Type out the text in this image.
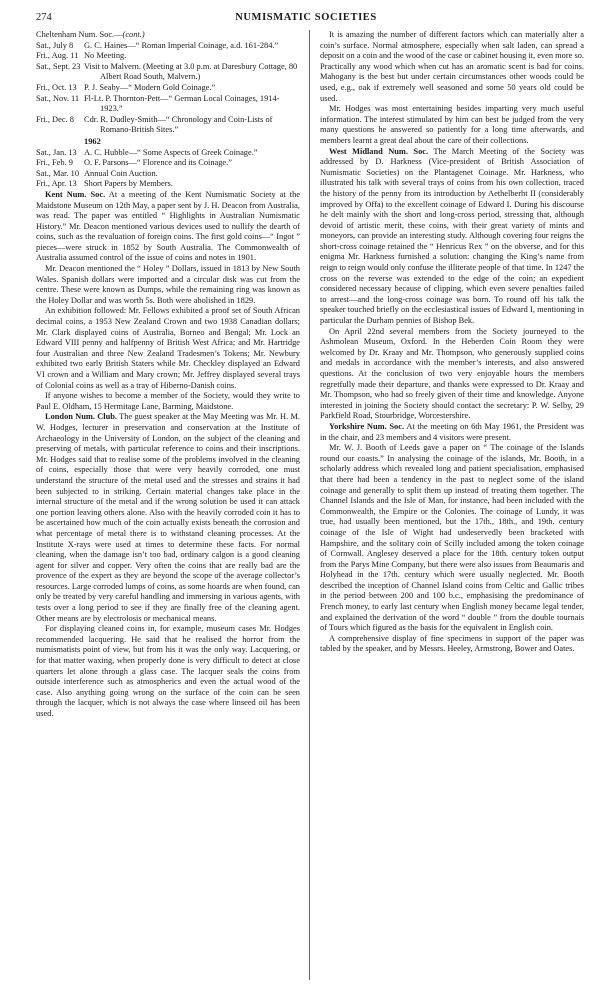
274	NUMISMATIC SOCIETIES
Cheltenham Num. Soc.—(cont.)
Sat., July 8	G. C. Haines—“ Roman Imperial Coinage, a.d. 161-284.”
Fri., Aug. 11 No Meeting.
Sat., Sept. 23 Visit to Malvern. (Meeting at 3.0 p.m. at Daresbury Cottage, 80 Albert Road South, Malvern.)
Fri., Oct. 13 P. J. Seaby—“ Modern Gold Coinage.”
Sat., Nov. 11 Fl-Lt. P. Thornton-Pett—“ German Local Coinages, 1914-1923.”
Fri., Dec. 8	Cdr. R. Dudley-Smith—“ Chronology and Coin-Lists of Romano-British Sites.”
1962
Sat., Jan. 13 A. C. Hubble—“ Some Aspects of Greek Coinage.”
Fri., Feb. 9	O. F. Parsons—“ Florence and its Coinage.”
Sat., Mar. 10 Annual Coin Auction.
Fri., Apr. 13 Short Papers by Members.

Kent Num. Soc. At a meeting of the Kent Numismatic Society at the Maidstone Museum on 12th May, a paper sent by J. H. Deacon from Australia, was read. The paper was entitled “ Highlights in Australian Numismatic History.” Mr. Deacon mentioned various devices used to nullify the dearth of coins, such as the revaluation of foreign coins. The first gold coins—“ Ingot ” pieces—were struck in 1852 by South Australia. The Commonwealth of Australia assumed control of the issue of coins and notes in 1901.

Mr. Deacon mentioned the “ Holey ” Dollars, issued in 1813 by New South Wales. Spanish dollars were imported and a circular disk was cut from the centre. These were known as Dumps, while the remaining ring was known as the Holey Dollar and was worth 5s. Both were abolished in 1829.

An exhibition followed: Mr. Fellows exhibited a proof set of South African decimal coins, a 1953 New Zealand Crown and two 1938 Canadian dollars; Mr. Clark displayed coins of Australia, Borneo and Bengal; Mr. Lock an Edward VIII penny and halfpenny of British West Africa; and Mr. Hartridge four Australian and three New Zealand Tradesmen’s Tokens; Mr. Newbury exhibited two early British Staters while Mr. Checkley displayed an Edward VI crown and a William and Mary crown; Mr. Jeffrey displayed several trays of Colonial coins as well as a tray of Hiberno-Danish coins.

If anyone wishes to become a member of the Society, would they write to Paul E. Oldham, 15 Hermitage Lane, Barming, Maidstone.

London Num. Club. The guest speaker at the May Meeting was Mr. H. M. W. Hodges, lecturer in preservation and conservation at the Institute of Archaeology in the University of London, on the subject of the cleaning and preserving of metals, with particular reference to coins and their inscriptions. Mr. Hodges said that to realise some of the problems involved in the cleaning of coins, especially those that were very heavily corroded, one must understand the structure of the metal used and the stresses and strains it had been subjected to in striking. Certain material changes take place in the internal structure of the metal and if the wrong solution be used it can attack one portion leaving others alone. Also with the heavily corroded coin it has to be ascertained how much of the coin actually exists beneath the corrosion and what percentage of metal there is to withstand cleaning processes. At the Institute X-rays were used at times to determine these facts. For normal cleaning, when the damage isn’t too bad, ordinary calgon is a good cleaning agent for silver and copper. Very often the coins that are really bad are the provence of the expert as they are beyond the scope of the average collector’s resources. Large corroded lumps of coins, as some hoards are when found, can only be treated by very careful handling and immersing in various agents, with tests over a long period to see if they are finally free of the cleaning agent. Other means are by electrolosis or mechanical means.

For displaying cleaned coins in, for example, museum cases Mr. Hodges recommended lacquering. He said that he realised the horror from the numismatists point of view, but from his it was the only way. Lacquering, or for that matter waxing, when properly done is very difficult to detect at close quarters let alone through a glass case. The lacquer seals the coins from outside interference such as atmospherics and even the actual wood of the case. Also anything going wrong on the surface of the coin can be seen through the lacquer, which is not always the case where linseed oil has been used.

It is amazing the number of different factors which can materially alter a coin’s surface. Normal atmosphere, especially when salt laden, can spread a deposit on a coin and the wood of the case or cabinet housing it, even more so. Practically any wood which when cut has an aromatic scent is bad for coins. Mahogany is the best but under certain circumstances other woods could be used, e.g., oak if extremely well seasoned and some 50 years old could be used.

Mr. Hodges was most entertaining besides imparting very much useful information. The interest stimulated by him can best be judged from the very many questions he answered so patiently for a long time afterwards, and members learnt a great deal about the care of their collections.

West Midland Num. Soc. The March Meeting of the Society was addressed by D. Harkness (Vice-president of British Association of Numismatic Societies) on the Plantagenet Coinage. Mr. Harkness, who illustrated his talk with several trays of coins from his own collection, traced the history of the penny from its introduction by Aethelberht II (considerably improved by Offa) to the excellent coinage of Edward I. During his discourse he delt mainly with the short and long-cross period, stressing that, although devoid of artistic merit, these coins, with their great variety of mints and moneyors, can provide an interesting study. Although covering four reigns the short-cross coinage retained the “ Henricus Rex ” on the obverse, and for this enigma Mr. Harkness furnished a solution: changing the King’s name from reign to reign would only confuse the illiterate people of that time. In 1247 the cross on the reverse was extended to the edge of the coin; an expedient considered necessary because of clipping, which even severe penalties failed to arrest—and the long-cross coinage was born. To round off his talk the speaker touched briefly on the ecclesiastical issues of Edward I, mentioning in particular the Durham pennies of Bishop Bek.

On April 22nd several members from the Society journeyed to the Ashmolean Museum, Oxford. In the Heberden Coin Room they were welcomed by Dr. Kraay and Mr. Thompson, who generously supplied coins and medals in accordance with the member’s interests, and also answered questions. At the conclusion of two very enjoyable hours the members regretfully made their departure, and thanks were expressed to Dr. Kraay and Mr. Thompson, who had so freely given of their time and knowledge. Anyone interested in joining the Society should contact the secretary: P. W. Selby, 29 Parkfield Road, Stourbridge, Worcestershire.

Yorkshire Num. Soc. At the meeting on 6th May 1961, the President was in the chair, and 23 members and 4 visitors were present.

Mr. W. J. Booth of Leeds gave a paper on “ The coinage of the Islands round our coasts.” In analysing the coinage of the islands, Mr. Booth, in a scholarly address which revealed long and patient specialisation, emphasised that there had been a tendency in the past to neglect some of the island coinage and generally to split them up instead of treating them together. The Channel Islands and the Isle of Man, for instance, had been included with the Commonwealth, the Empire or the Colonies. The coinage of Lundy, it was true, had usually been mentioned, but the 17th., 18th., and 19th. century coinage of the Isle of Wight had undeservedly been bracketed with Hampshire, and the solitary coin of Scilly included among the token coinage of Cornwall. Anglesey deserved a place for the 18th. century token output from the Parys Mine Company, but there were also issues from Beaumaris and Holyhead in the 17th. century which were usually neglected. Mr. Booth described the inception of Channel Island coins from Celtic and Gallic tribes in the period between 200 and 100 b.c., emphasising the predominance of French money, to early last century when English money became legal tender, and explained the derivation of the word “ double ” from the double tournais of Tours which figured as the basis for the equivalent in English coin.

A comprehensive display of fine specimens in support of the paper was tabled by the speaker, and by Messrs. Heeley, Armstrong, Bower and Oates.
